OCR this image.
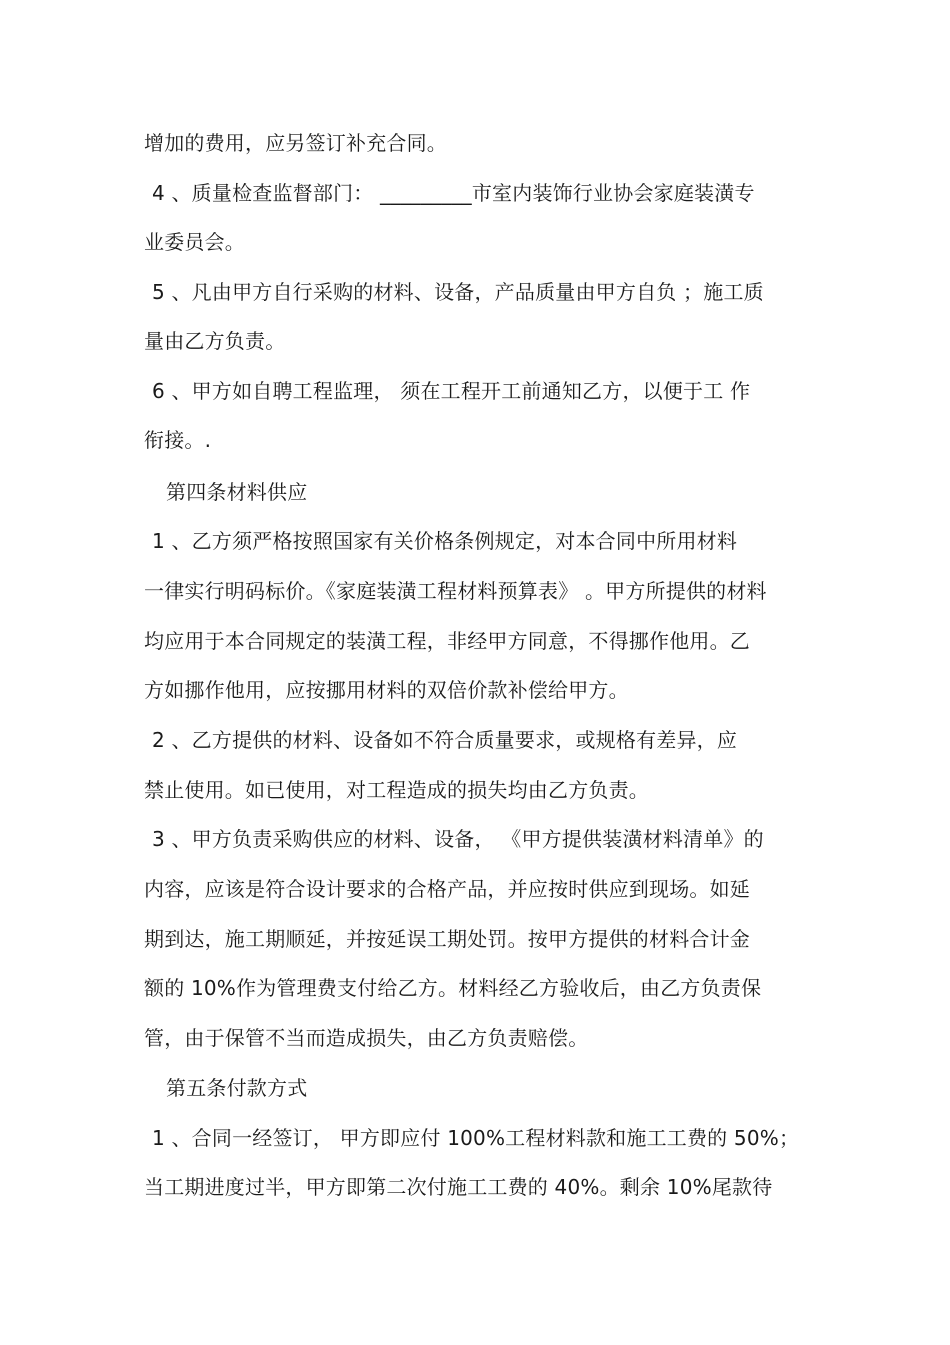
增加的费用，应另签订补充合同。
4 、质量检查监督部门： _________市室内装饰行业协会家庭装潢专
业委员会。
5 、凡由甲方自行采购的材料、设备，产品质量由甲方自负 ；施工质
量由乙方负责。
6 、甲方如自聘工程监理， 须在工程开工前通知乙方，以便于工 作
衔接。.
第四条材料供应
1 、乙方须严格按照国家有关价格条例规定，对本合同中所用材料
一律实行明码标价。《家庭装潢工程材料预算表》 。甲方所提供的材料
均应用于本合同规定的装潢工程，非经甲方同意，不得挪作他用。乙
方如挪作他用，应按挪用材料的双倍价款补偿给甲方。
2 、乙方提供的材料、设备如不符合质量要求，或规格有差异，应
禁止使用。如已使用，对工程造成的损失均由乙方负责。
3 、甲方负责采购供应的材料、设备， 《甲方提供装潢材料清单》的
内容，应该是符合设计要求的合格产品，并应按时供应到现场。如延
期到达，施工期顺延，并按延误工期处罚。按甲方提供的材料合计金
额的 10%作为管理费支付给乙方。材料经乙方验收后，由乙方负责保
管，由于保管不当而造成损失，由乙方负责赔偿。
第五条付款方式
1 、合同一经签订， 甲方即应付 100%工程材料款和施工工费的 50%；
当工期进度过半，甲方即第二次付施工工费的 40%。剩余 10%尾款待
